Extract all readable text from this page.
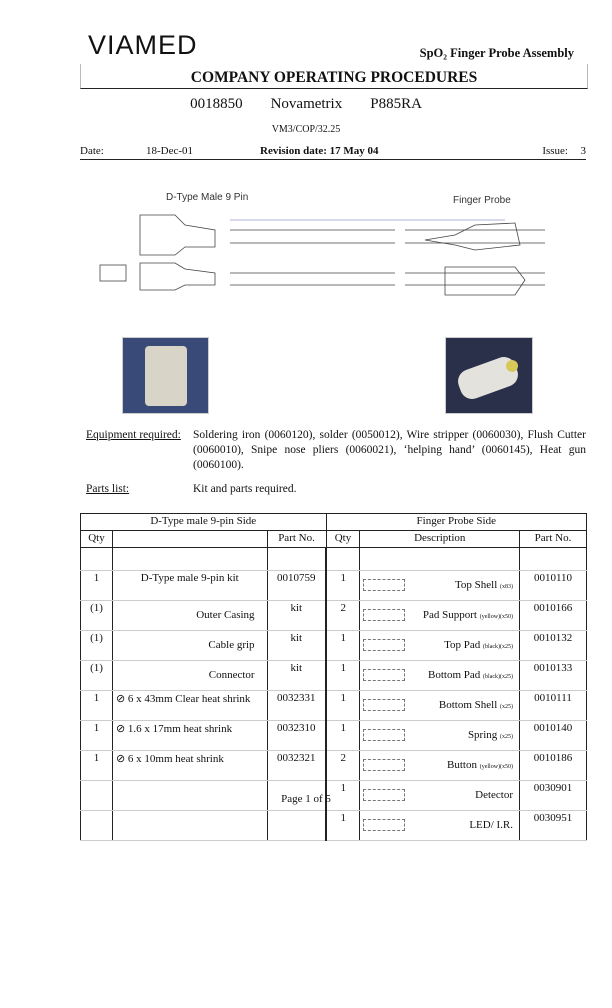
VIAMED	SpO₂ Finger Probe Assembly
COMPANY OPERATING PROCEDURES
0018850 Novametrix P885RA
VM3/COP/32.25
Date:	18-Dec-01	Revision date: 17 May 04	Issue: 3
D-Type Male 9 Pin	Finger Probe
Equipment required: Soldering iron (0060120), solder (0050012), Wire stripper (0060030), Flush Cutter (0060010), Snipe nose pliers (0060021), ‘helping hand’ (0060145), Heat gun (0060100).
Parts list:	Kit and parts required.
D-Type male 9-pin Side			Finger Probe Side		
Qty		Part No.	Qty	Description	Part No.

1	D-Type male 9-pin kit	0010759	1	Top Shell (x83)	0010110
(1)	Outer Casing	kit	2	Pad Support (yellow)(x50)	0010166
(1)	Cable grip	kit	1	Top Pad (black)(x25)	0010132
(1)	Connector	kit	1	Bottom Pad (black)(x25)	0010133
1	⊘ 6 x 43mm Clear heat shrink	0032331	1	Bottom Shell (x25)	0010111
1	⊘ 1.6 x 17mm heat shrink	0032310	1	Spring (x25)	0010140
1	⊘ 6 x 10mm heat shrink	0032321	2	Button (yellow)(x50)	0010186
			1	Detector	0030901
			1	LED/ I.R.	0030951
Page 1 of 5
